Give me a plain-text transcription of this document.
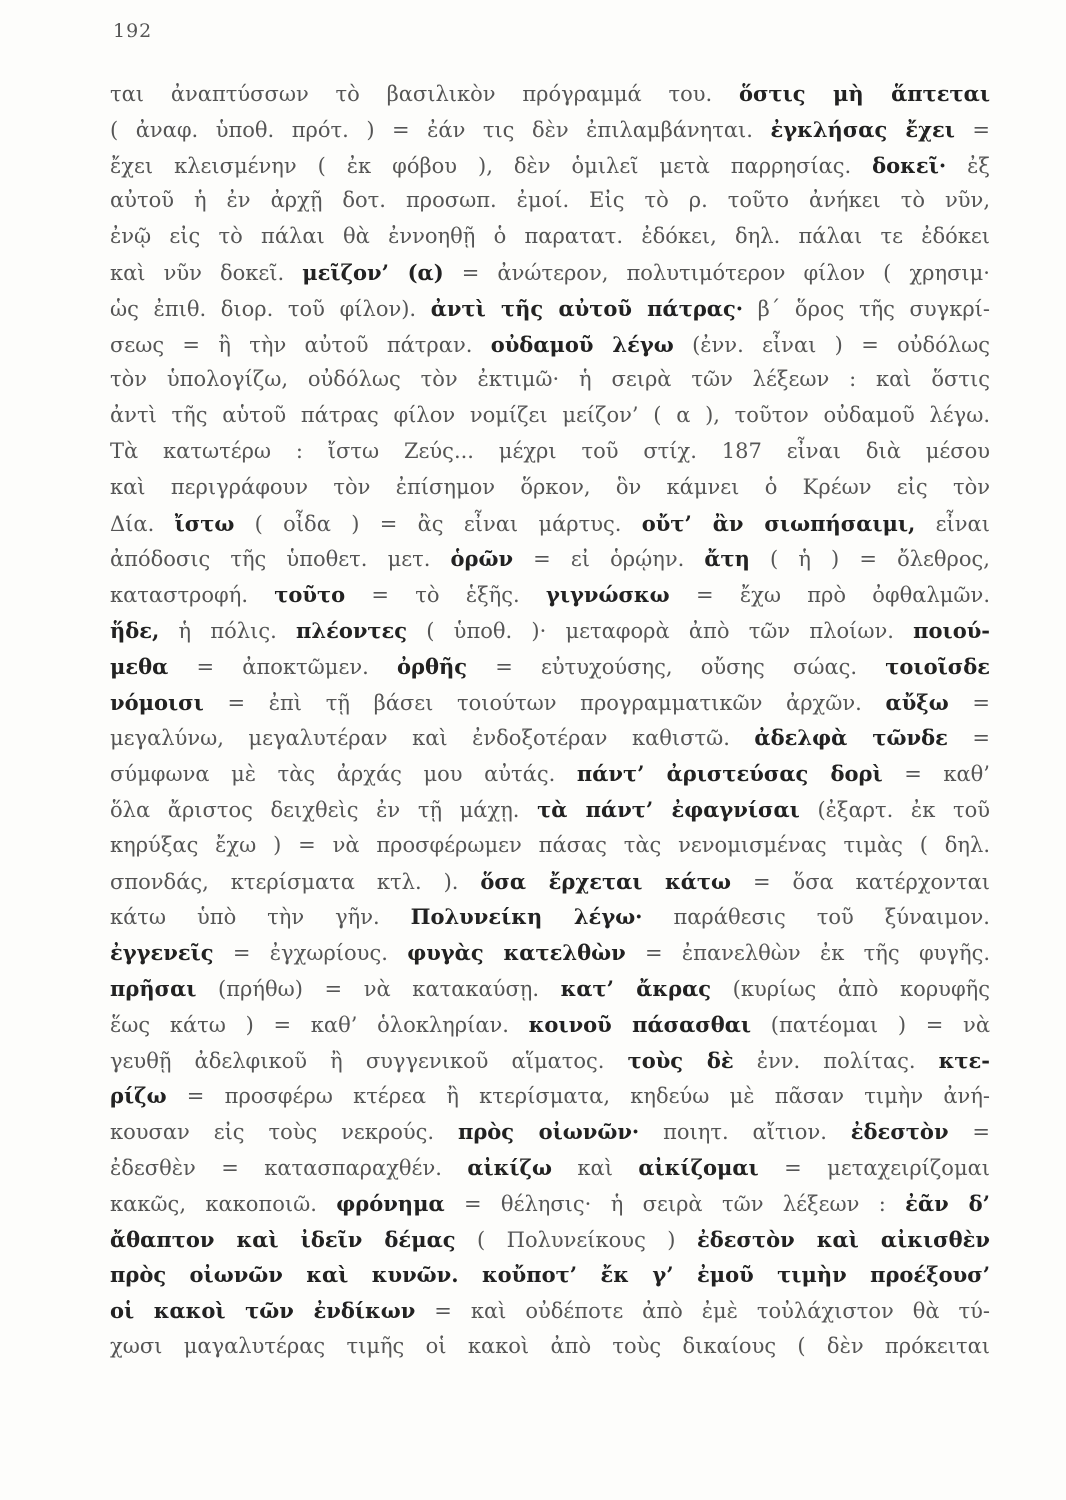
192
ται ἀναπτύσσων τὸ βασιλικὸν πρόγραμμά του. ὅστις μὴ ἅπτεται
( ἀναφ. ὑποθ. πρότ. ) = ἐάν τις δὲν ἐπιλαμβάνηται. ἐγκλήσας ἔχει =
ἔχει κλεισμένην ( ἐκ φόβου ), δὲν ὁμιλεῖ μετὰ παρρησίας. δοκεῖ· ἐξ
αὐτοῦ ἡ ἐν ἀρχῇ δοτ. προσωπ. ἐμοί. Εἰς τὸ ρ. τοῦτο ἀνήκει τὸ νῦν,
ἐνῷ εἰς τὸ πάλαι θὰ ἐννοηθῇ ὁ παρατατ. ἐδόκει, δηλ. πάλαι τε ἐδόκει
καὶ νῦν δοκεῖ. μεῖζον’ (α) = ἀνώτερον, πολυτιμότερον φίλον ( χρησιμ·
ὡς ἐπιθ. διορ. τοῦ φίλον). ἀντὶ τῆς αὐτοῦ πάτρας· β΄ ὅρος τῆς συγκρί-
σεως = ἢ τὴν αὐτοῦ πάτραν. οὐδαμοῦ λέγω (ἐνν. εἶναι ) = οὐδόλως
τὸν ὑπολογίζω, οὐδόλως τὸν ἐκτιμῶ· ἡ σειρὰ τῶν λέξεων : καὶ ὅστις
ἀντὶ τῆς αὑτοῦ πάτρας φίλον νομίζει μείζον’ ( α ), τοῦτον οὐδαμοῦ λέγω.
Τὰ κατωτέρω : ἴστω Ζεύς... μέχρι τοῦ στίχ. 187 εἶναι διὰ μέσου
καὶ περιγράφουν τὸν ἐπίσημον ὅρκον, ὃν κάμνει ὁ Κρέων εἰς τὸν
Δία. ἴστω ( οἶδα ) = ἂς εἶναι μάρτυς. οὔτ’ ἂν σιωπήσαιμι, εἶναι
ἀπόδοσις τῆς ὑποθετ. μετ. ὁρῶν = εἰ ὁρῴην. ἄτη ( ἡ ) = ὄλεθρος,
καταστροφή. τοῦτο = τὸ ἑξῆς. γιγνώσκω = ἔχω πρὸ ὀφθαλμῶν.
ἥδε, ἡ πόλις. πλέοντες ( ὑποθ. )· μεταφορὰ ἀπὸ τῶν πλοίων. ποιού-
μεθα = ἀποκτῶμεν. ὀρθῆς = εὐτυχούσης, οὔσης σώας. τοιοῖσδε
νόμοισι = ἐπὶ τῇ βάσει τοιούτων προγραμματικῶν ἀρχῶν. αὔξω =
μεγαλύνω, μεγαλυτέραν καὶ ἐνδοξοτέραν καθιστῶ. ἀδελφὰ τῶνδε =
σύμφωνα μὲ τὰς ἀρχάς μου αὐτάς. πάντ’ ἀριστεύσας δορὶ = καθ’
ὅλα ἄριστος δειχθεὶς ἐν τῇ μάχῃ. τὰ πάντ’ ἐφαγνίσαι (ἐξαρτ. ἐκ τοῦ
κηρύξας ἔχω ) = νὰ προσφέρωμεν πάσας τὰς νενομισμένας τιμὰς ( δηλ.
σπονδάς, κτερίσματα κτλ. ). ὅσα ἔρχεται κάτω = ὅσα κατέρχονται
κάτω ὑπὸ τὴν γῆν. Πολυνείκη λέγω· παράθεσις τοῦ ξύναιμον.
ἐγγενεῖς = ἐγχωρίους. φυγὰς κατελθὼν = ἐπανελθὼν ἐκ τῆς φυγῆς.
πρῆσαι (πρήθω) = νὰ κατακαύσῃ. κατ’ ἄκρας (κυρίως ἀπὸ κορυφῆς
ἕως κάτω ) = καθ’ ὁλοκληρίαν. κοινοῦ πάσασθαι (πατέομαι ) = νὰ
γευθῇ ἀδελφικοῦ ἢ συγγενικοῦ αἵματος. τοὺς δὲ ἐνν. πολίτας. κτε-
ρίζω = προσφέρω κτέρεα ἢ κτερίσματα, κηδεύω μὲ πᾶσαν τιμὴν ἀνή-
κουσαν εἰς τοὺς νεκρούς. πρὸς οἰωνῶν· ποιητ. αἴτιον. ἐδεστὸν =
ἐδεσθὲν = κατασπαραχθέν. αἰκίζω καὶ αἰκίζομαι = μεταχειρίζομαι
κακῶς, κακοποιῶ. φρόνημα = θέλησις· ἡ σειρὰ τῶν λέξεων : ἐᾶν δ’
ἄθαπτον καὶ ἰδεῖν δέμας ( Πολυνείκους ) ἐδεστὸν καὶ αἰκισθὲν
πρὸς οἰωνῶν καὶ κυνῶν. κοὔποτ’ ἔκ γ’ ἐμοῦ τιμὴν προέξουσ’
οἱ κακοὶ τῶν ἐνδίκων = καὶ οὐδέποτε ἀπὸ ἐμὲ τοὐλάχιστον θὰ τύ-
χωσι μαγαλυτέρας τιμῆς οἱ κακοὶ ἀπὸ τοὺς δικαίους ( δὲν πρόκειται
